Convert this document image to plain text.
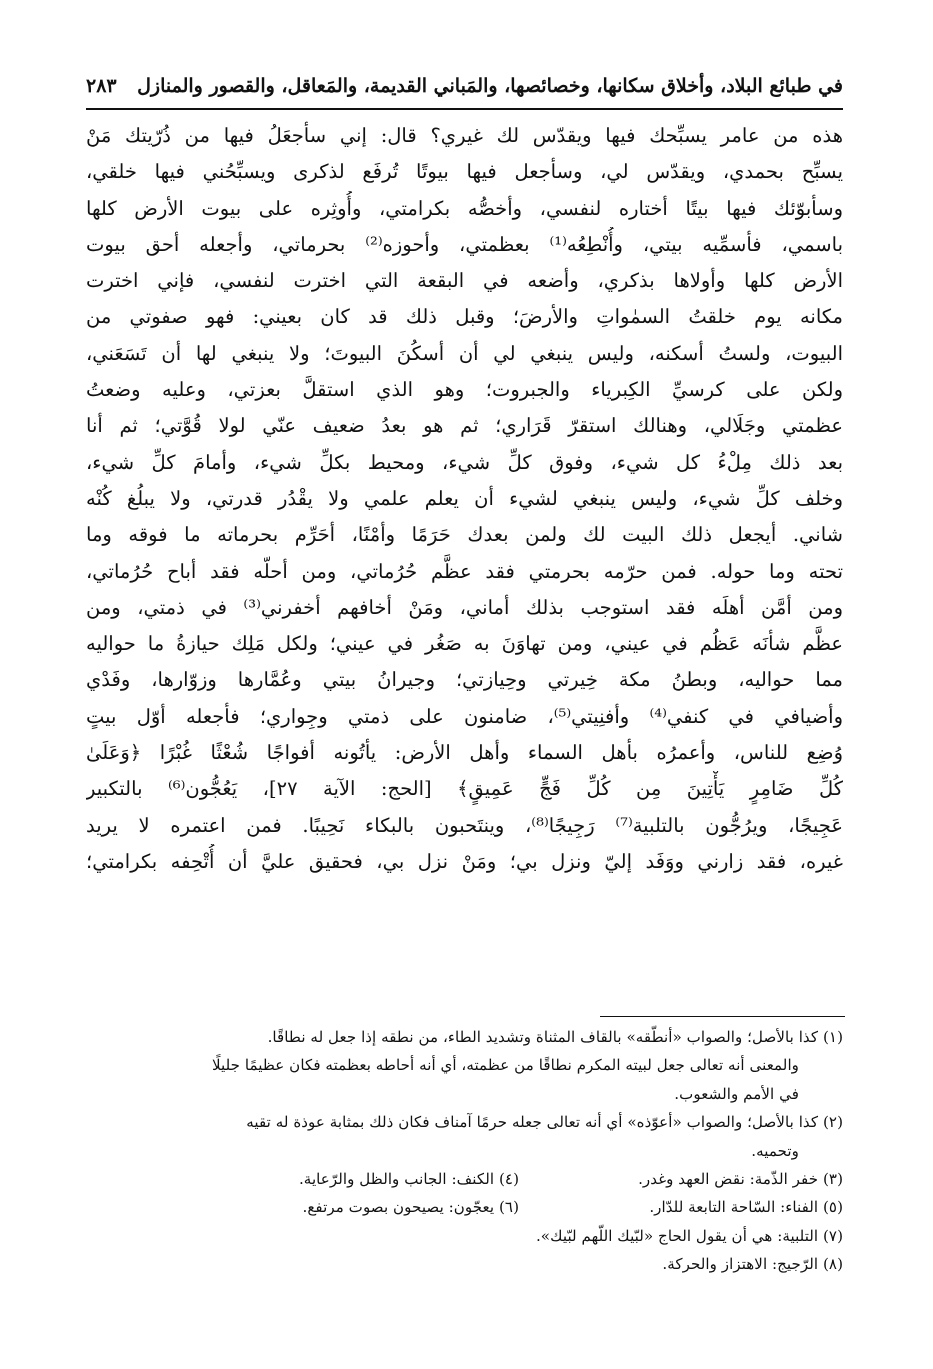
في طبائع البلاد، وأخلاق سكانها، وخصائصها، والمَباني القديمة، والمَعاقل، والقصور والمنازل
٢٨٣
هذه من عامر يسبِّحك فيها ويقدّس لك غيري؟ قال: إني سأجعَلُ فيها من ذُرّيتك مَنْ
يسبِّح بحمدي، ويقدّس لي، وسأجعل فيها بيوتًا تُرفَع لذكرى ويسبِّحُني فيها خلقي،
وسأبوّئك فيها بيتًا أختاره لنفسي، وأخصُّه بكرامتي، وأُوثِره على بيوت الأرض كلها
باسمي، فأسمِّيه بيتي، وأُنْطِعُه⁽¹⁾ بعظمتي، وأحوزه⁽²⁾ بحرماتي، وأجعله أحق بيوت
الأرض كلها وأولاها بذكري، وأضعه في البقعة التي اخترت لنفسي، فإني اخترت
مكانه يوم خلقتُ السمٰواتِ والأرضَ؛ وقبل ذلك قد كان بعيني: فهو صفوتي من
البيوت، ولستُ أسكنه، وليس ينبغي لي أن أسكُنَ البيوتَ؛ ولا ينبغي لها أن تَسَعَني،
ولكن على كرسيِّ الكِبرياء والجبروت؛ وهو الذي استقلَّ بعزتي، وعليه وضعتُ
عظمتي وجَلَالي، وهنالك استقرّ قَرَاري؛ ثم هو بعدُ ضعيف عنّي لولا قُوَّتي؛ ثم أنا
بعد ذلك مِلْءُ كل شيء، وفوق كلِّ شيء، ومحيط بكلِّ شيء، وأمامَ كلِّ شيء،
وخلف كلِّ شيء، وليس ينبغي لشيء أن يعلم علمي ولا يقْدُر قدرتي، ولا يبلُغ كُنْه
شاني. أيجعل ذلك البيت لك ولمن بعدك حَرَمًا وأمْنًا، أحَرِّم بحرماته ما فوقه وما
تحته وما حوله. فمن حرّمه بحرمتي فقد عظَّم حُرُماتي، ومن أحلّه فقد أباح حُرُماتي،
ومن أمَّن أهلَه فقد استوجب بذلك أماني، ومَنْ أخافهم أخفرني⁽³⁾ في ذمتي، ومن
عظَّم شأنَه عَظُم في عيني، ومن تهاوَنَ به صَغُر في عيني؛ ولكل مَلِك حيازةُ ما حواليه
مما حواليه، وبطنُ مكة خِيرتي وحِيازتي؛ وجيرانُ بيتي وعُمَّارها وزوّارها، وفَدْي
وأضيافي في كنفي⁽⁴⁾ وأفنِيتي⁽⁵⁾، ضامنون على ذمتي وجِواري؛ فأجعله أوّل بيتٍ
وُضِع للناس، وأعمرُه بأهل السماء وأهل الأرض: يأتُونه أفواجًا شُعْثًا غُبْرًا ﴿وَعَلَىٰ
كُلِّ ضَامِرٍ يَأْتِينَ مِن كُلِّ فَجٍّ عَمِيقٍ﴾ [الحج: الآية ٢٧]، يَعُجُّون⁽⁶⁾ بالتكبير
عَجِيجًا، ويرُجُّون بالتلبية⁽⁷⁾ رَجِيجًا⁽⁸⁾، وينتَحبون بالبكاء نَحِيبًا. فمن اعتمره لا يريد
غيره، فقد زارني ووَفَد إليّ ونزل بي؛ ومَنْ نزل بي، فحقيق عليَّ أن أُتْحِفه بكرامتي؛
(١) كذا بالأصل؛ والصواب «أنطّقه» بالقاف المثناة وتشديد الطاء، من نطقه إذا جعل له نطاقًا.
والمعنى أنه تعالى جعل لبيته المكرم نطاقًا من عظمته، أي أنه أحاطه بعظمته فكان عظيمًا جليلًا
في الأمم والشعوب.
(٢) كذا بالأصل؛ والصواب «أعوّذه» أي أنه تعالى جعله حرمًا آمناف فكان ذلك بمثابة عوذة له تقيه
وتحميه.
(٣) خفر الذّمة: نقض العهد وغدر.
(٤) الكنف: الجانب والظل والرّعاية.
(٥) الفناء: السّاحة التابعة للدّار.
(٦) يعجّون: يصيحون بصوت مرتفع.
(٧) التلبية: هي أن يقول الحاج «لبّيك اللّهم لبّيك».
(٨) الرّجيج: الاهتزاز والحركة.
